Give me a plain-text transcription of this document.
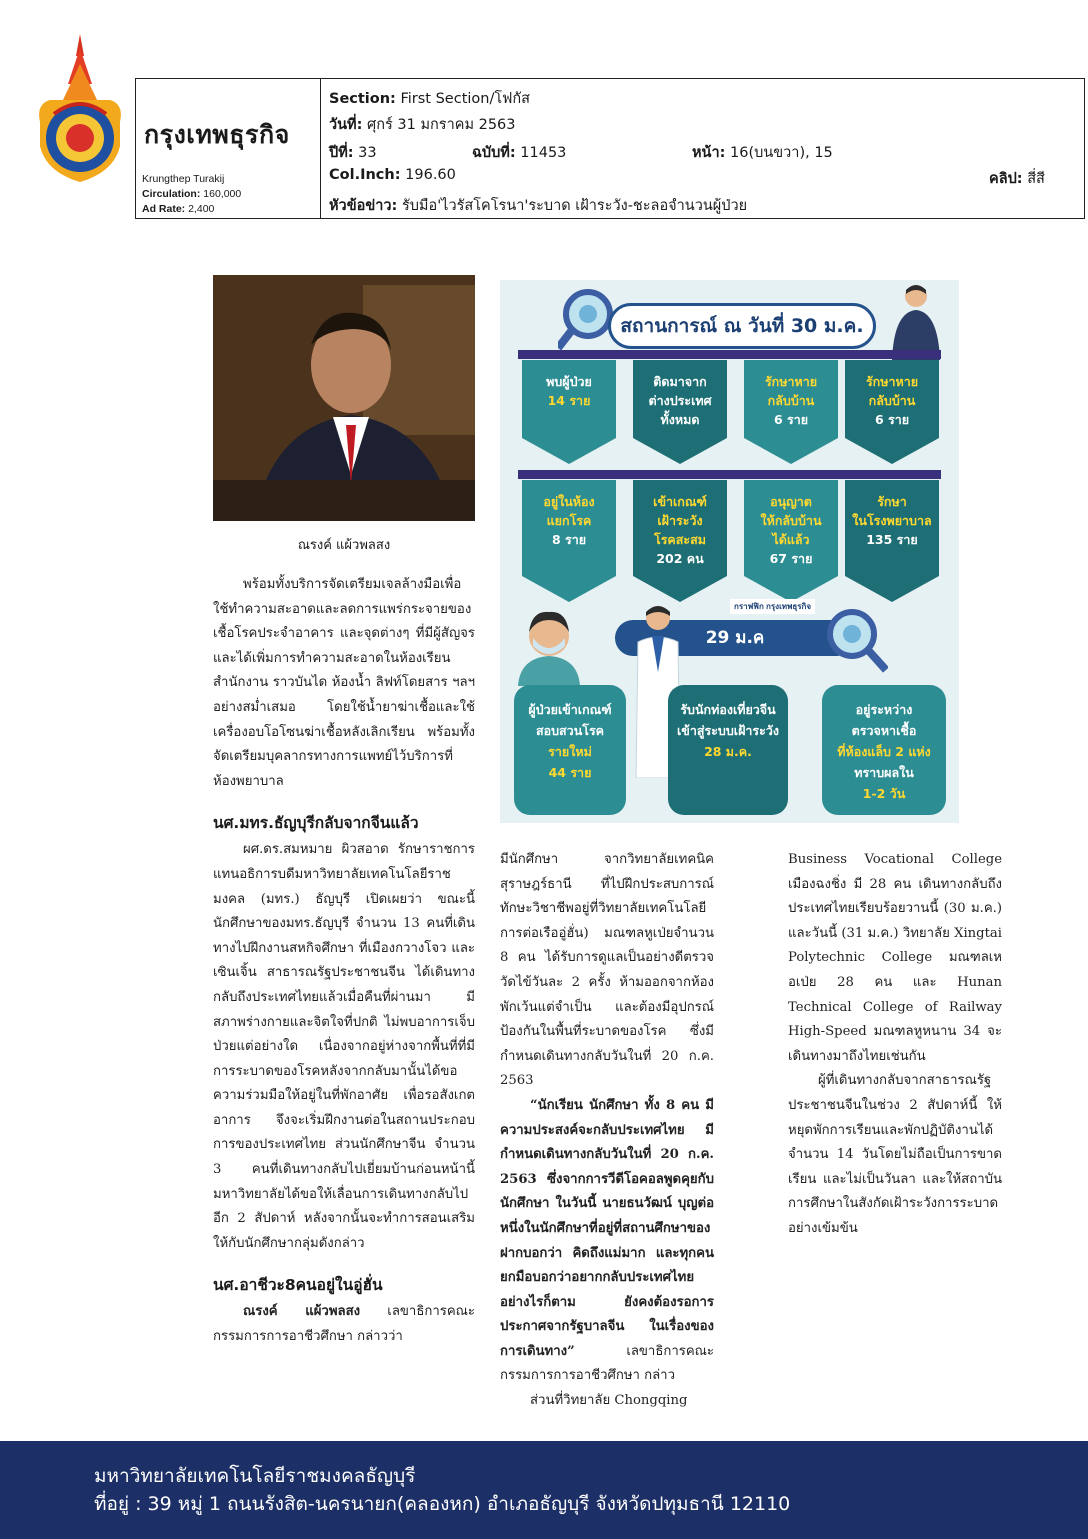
กรุงเทพธุรกิจ
Krungthep Turakij
Circulation: 160,000
Ad Rate: 2,400
Section: First Section/โฟกัส
วันที่: ศุกร์ 31 มกราคม 2563
ปีที่: 33	ฉบับที่: 11453	หน้า: 16(บนขวา), 15
Col.Inch: 196.60	คลิป: สี่สี
หัวข้อข่าว: รับมือ'ไวรัสโคโรนา'ระบาด เฝ้าระวัง-ชะลอจำนวนผู้ป่วย
ณรงค์ แผ้วพลสง

พร้อมทั้งบริการจัดเตรียมเจลล้างมือเพื่อใช้ทำความสะอาดและลดการแพร่กระจายของเชื้อโรคประจำอาคาร และจุดต่างๆ ที่มีผู้สัญจร และได้เพิ่มการทำความสะอาดในห้องเรียน สำนักงาน ราวบันได ห้องน้ำ ลิฟท์โดยสาร ฯลฯ อย่างสม่ำเสมอ โดยใช้น้ำยาฆ่าเชื้อและใช้เครื่องอบโอโซนฆ่าเชื้อหลังเลิกเรียน พร้อมทั้ง จัดเตรียมบุคลากรทางการแพทย์ไว้บริการที่ห้องพยาบาล

นศ.มทร.ธัญบุรีกลับจากจีนแล้ว

ผศ.ดร.สมหมาย ผิวสอาด รักษาราชการแทนอธิการบดีมหาวิทยาลัยเทคโนโลยีราชมงคล (มทร.) ธัญบุรี เปิดเผยว่า ขณะนี้นักศึกษาของมทร.ธัญบุรี จำนวน 13 คนที่เดินทางไปฝึกงานสหกิจศึกษา ที่เมืองกวางโจว และเซินเจิ้น สาธารณรัฐประชาชนจีน ได้เดินทางกลับถึงประเทศไทยแล้วเมื่อคืนที่ผ่านมา มีสภาพร่างกายและจิตใจที่ปกติ ไม่พบอาการเจ็บป่วยแต่อย่างใด เนื่องจากอยู่ห่างจากพื้นที่ที่มีการระบาดของโรคหลังจากกลับมานั้นได้ขอความร่วมมือให้อยู่ในที่พักอาศัย เพื่อรอสังเกตอาการ จึงจะเริ่มฝึกงานต่อในสถานประกอบการของประเทศไทย ส่วนนักศึกษาจีน จำนวน 3 คนที่เดินทางกลับไปเยี่ยมบ้านก่อนหน้านี้ มหาวิทยาลัยได้ขอให้เลื่อนการเดินทางกลับไปอีก 2 สัปดาห์ หลังจากนั้นจะทำการสอนเสริมให้กับนักศึกษากลุ่มดังกล่าว

นศ.อาชีวะ8คนอยู่ในอู่ฮั่น

ณรงค์ แผ้วพลสง เลขาธิการคณะกรรมการการอาชีวศึกษา กล่าวว่า

มีนักศึกษา จากวิทยาลัยเทคนิคสุราษฎร์ธานี ที่ไปฝึกประสบการณ์ทักษะวิชาชีพอยู่ที่วิทยาลัยเทคโนโลยีการต่อเรืออู่ฮั่น) มณฑลหูเป่ยจำนวน 8 คน ได้รับการดูแลเป็นอย่างดีตรวจวัดไข้วันละ 2 ครั้ง ห้ามออกจากห้องพักเว้นแต่จำเป็น และต้องมีอุปกรณ์ป้องกันในพื้นที่ระบาดของโรค ซึ่งมีกำหนดเดินทางกลับวันในที่ 20 ก.ค. 2563

“นักเรียน นักศึกษา ทั้ง 8 คน มีความประสงค์จะกลับประเทศไทย มีกำหนดเดินทางกลับวันในที่ 20 ก.ค. 2563 ซึ่งจากการวีดีโอคอลพูดคุยกับนักศึกษา ในวันนี้ นายธนวัฒน์ บุญต่อ หนึ่งในนักศึกษาที่อยู่ที่สถานศึกษาของฝากบอกว่า คิดถึงแม่มาก และทุกคนยกมือบอกว่าอยากกลับประเทศไทย อย่างไรก็ตาม ยังคงต้องรอการประกาศจากรัฐบาลจีน ในเรื่องของการเดินทาง” เลขาธิการคณะกรรมการการอาชีวศึกษา กล่าว

ส่วนที่วิทยาลัย Chongqing

Business Vocational College เมืองฉงชิ่ง มี 28 คน เดินทางกลับถึงประเทศไทยเรียบร้อยวานนี้ (30 ม.ค.) และวันนี้ (31 ม.ค.) วิทยาลัย Xingtai Polytechnic College มณฑลเหอเป่ย 28 คน และ Hunan Technical College of Railway High-Speed มณฑลหูหนาน 34 จะเดินทางมาถึงไทยเช่นกัน

ผู้ที่เดินทางกลับจากสาธารณรัฐประชาชนจีนในช่วง 2 สัปดาห์นี้ ให้หยุดพักการเรียนและพักปฏิบัติงานได้จำนวน 14 วันโดยไม่ถือเป็นการขาดเรียน และไม่เป็นวันลา และให้สถาบันการศึกษาในสังกัดเฝ้าระวังการระบาดอย่างเข้มข้น

สถานการณ์ ณ วันที่ 30 ม.ค.
พบผู้ป่วย
14 ราย
ติดมาจาก
ต่างประเทศ
ทั้งหมด
รักษาหาย
กลับบ้าน
6 ราย
รักษาหาย
กลับบ้าน
6 ราย
อยู่ในห้อง
แยกโรค
8 ราย
เข้าเกณฑ์
เฝ้าระวัง
โรคสะสม
202 คน
อนุญาต
ให้กลับบ้าน
ได้แล้ว
67 ราย
รักษา
ในโรงพยาบาล
135 ราย
กราฟฟิก กรุงเทพธุรกิจ
29 ม.ค
ผู้ป่วยเข้าเกณฑ์
สอบสวนโรค
รายใหม่
44 ราย
รับนักท่องเที่ยวจีน
เข้าสู่ระบบเฝ้าระวัง
28 ม.ค.
อยู่ระหว่าง
ตรวจหาเชื้อ
ที่ห้องแล็บ 2 แห่ง
ทราบผลใน
1-2 วัน
มหาวิทยาลัยเทคโนโลยีราชมงคลธัญบุรี
ที่อยู่ : 39 หมู่ 1 ถนนรังสิต-นครนายก(คลองหก) อำเภอธัญบุรี จังหวัดปทุมธานี 12110
